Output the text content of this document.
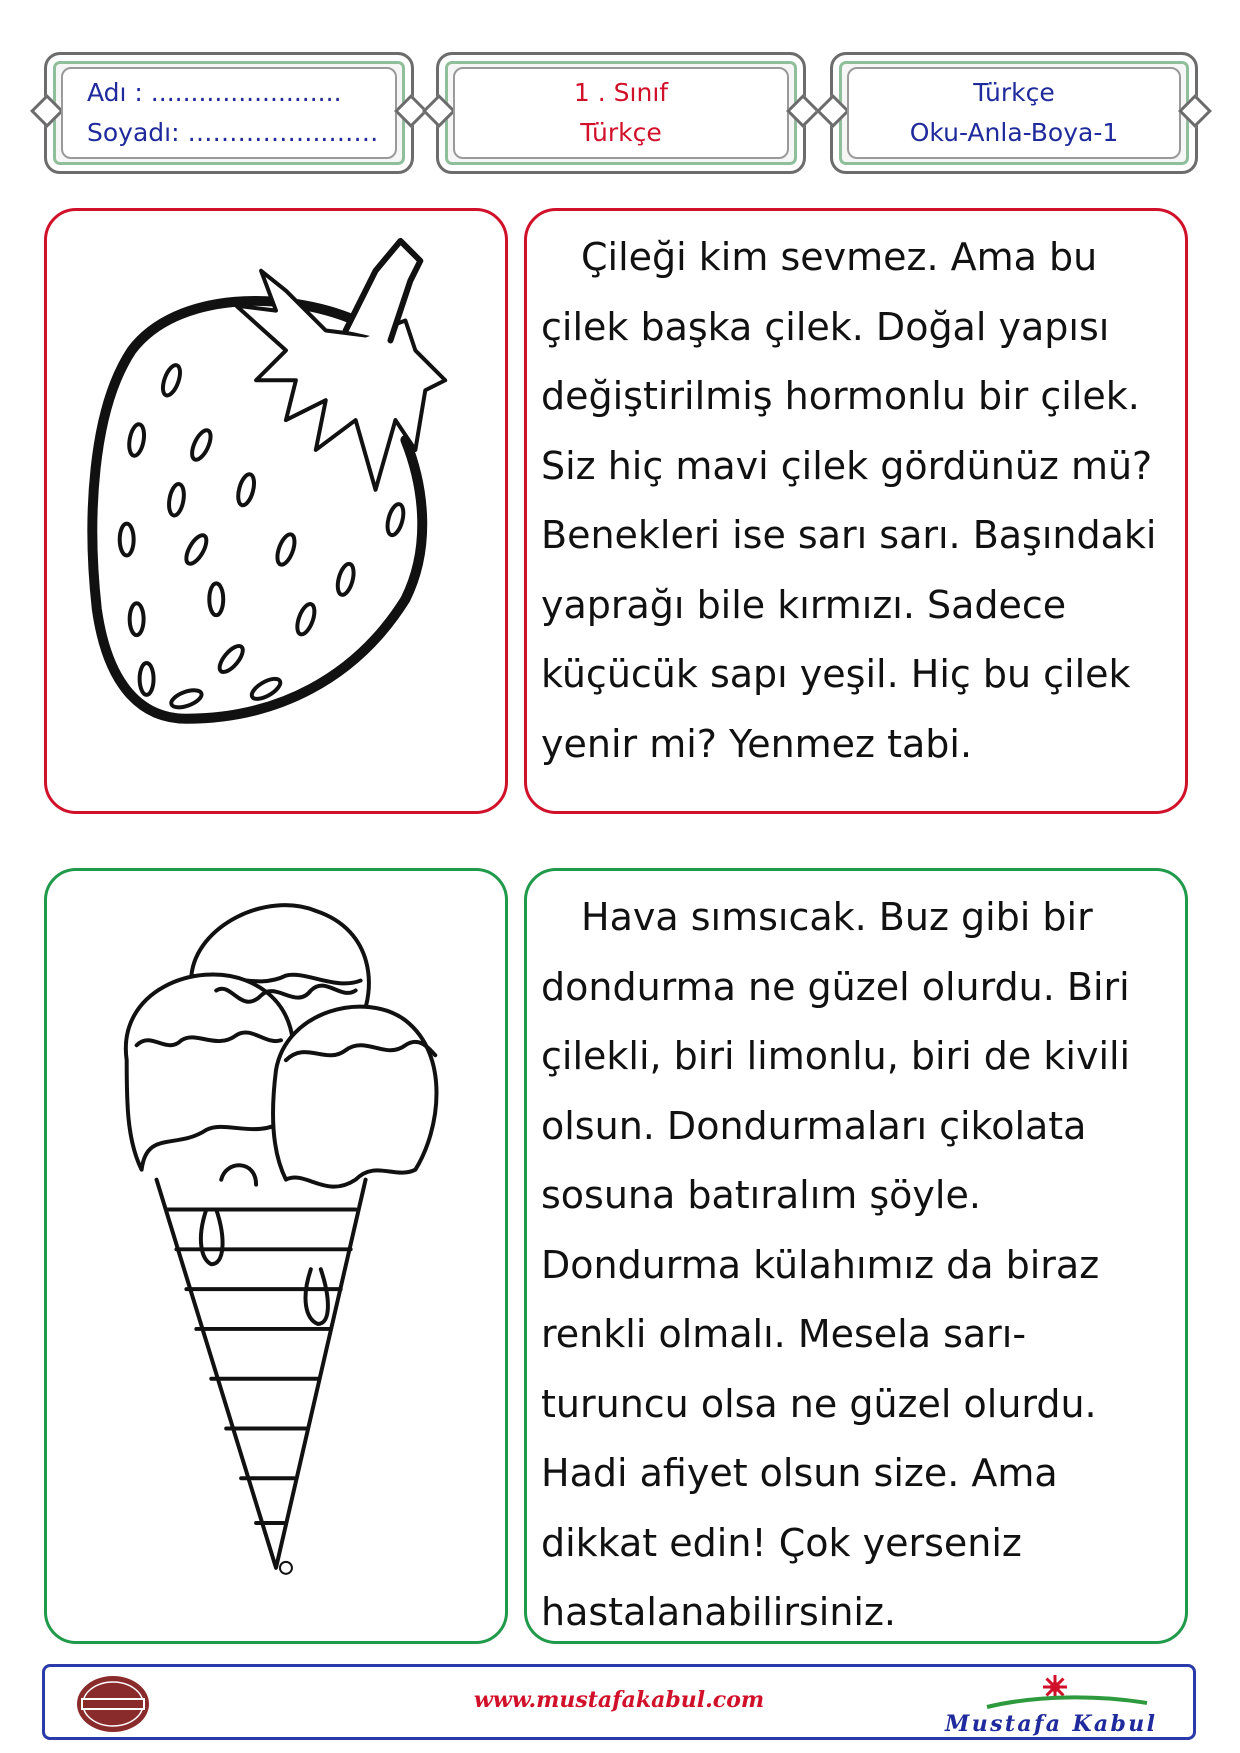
Adı : ........................
Soyadı: ……………..……
1 . Sınıf
Türkçe
Türkçe
Oku-Anla-Boya-1

Çileği kim sevmez. Ama bu

çilek başka çilek. Doğal yapısı

değiştirilmiş hormonlu bir çilek.

Siz hiç mavi çilek gördünüz mü?

Benekleri ise sarı sarı. Başındaki

yaprağı bile kırmızı. Sadece

küçücük sapı yeşil. Hiç bu çilek

yenir mi? Yenmez tabi.

Hava sımsıcak. Buz gibi bir

dondurma ne güzel olurdu. Biri

çilekli, biri limonlu, biri de kivili

olsun. Dondurmaları çikolata

sosuna batıralım şöyle.

Dondurma külahımız da biraz

renkli olmalı. Mesela sarı-

turuncu olsa ne güzel olurdu.

Hadi afiyet olsun size. Ama

dikkat edin! Çok yerseniz

hastalanabilirsiniz.

www.mustafakabul.com
Mustafa Kabul
